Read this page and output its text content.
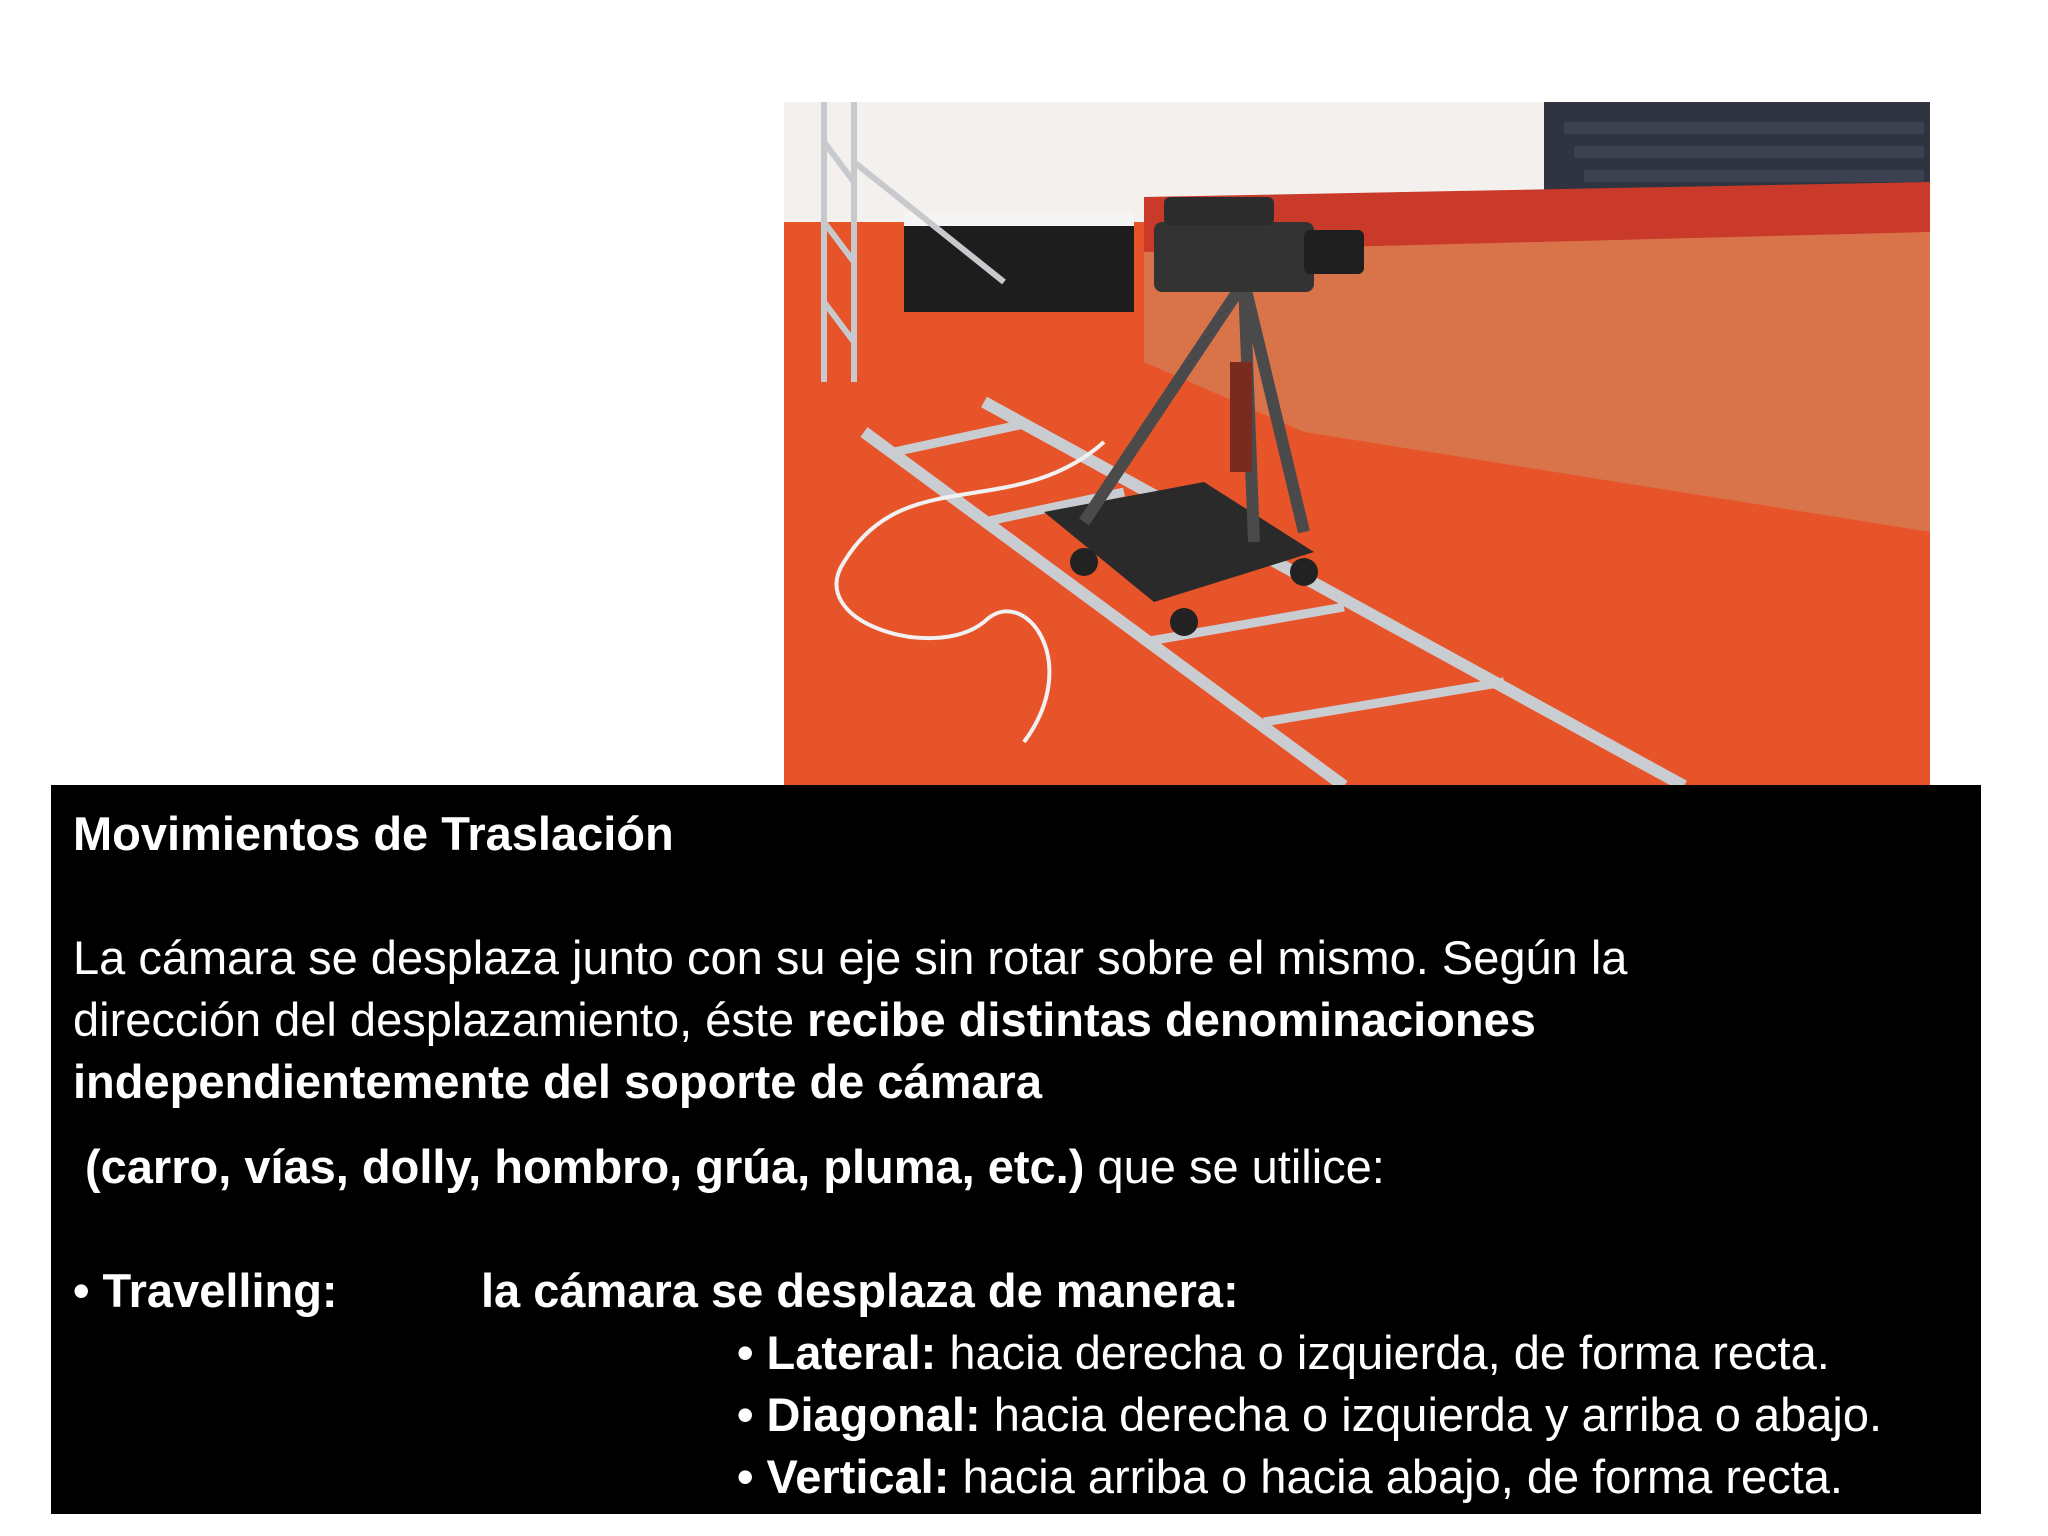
Movimientos de Traslación
La cámara se desplaza junto con su eje sin rotar sobre el mismo. Según la
dirección del desplazamiento, éste recibe distintas denominaciones
independientemente del soporte de cámara
(carro, vías, dolly, hombro, grúa, pluma, etc.) que se utilice:
• Travelling:	la cámara se desplaza de manera:
• Lateral: hacia derecha o izquierda, de forma recta.
• Diagonal: hacia derecha o izquierda y arriba o abajo.
• Vertical: hacia arriba o hacia abajo, de forma recta.
